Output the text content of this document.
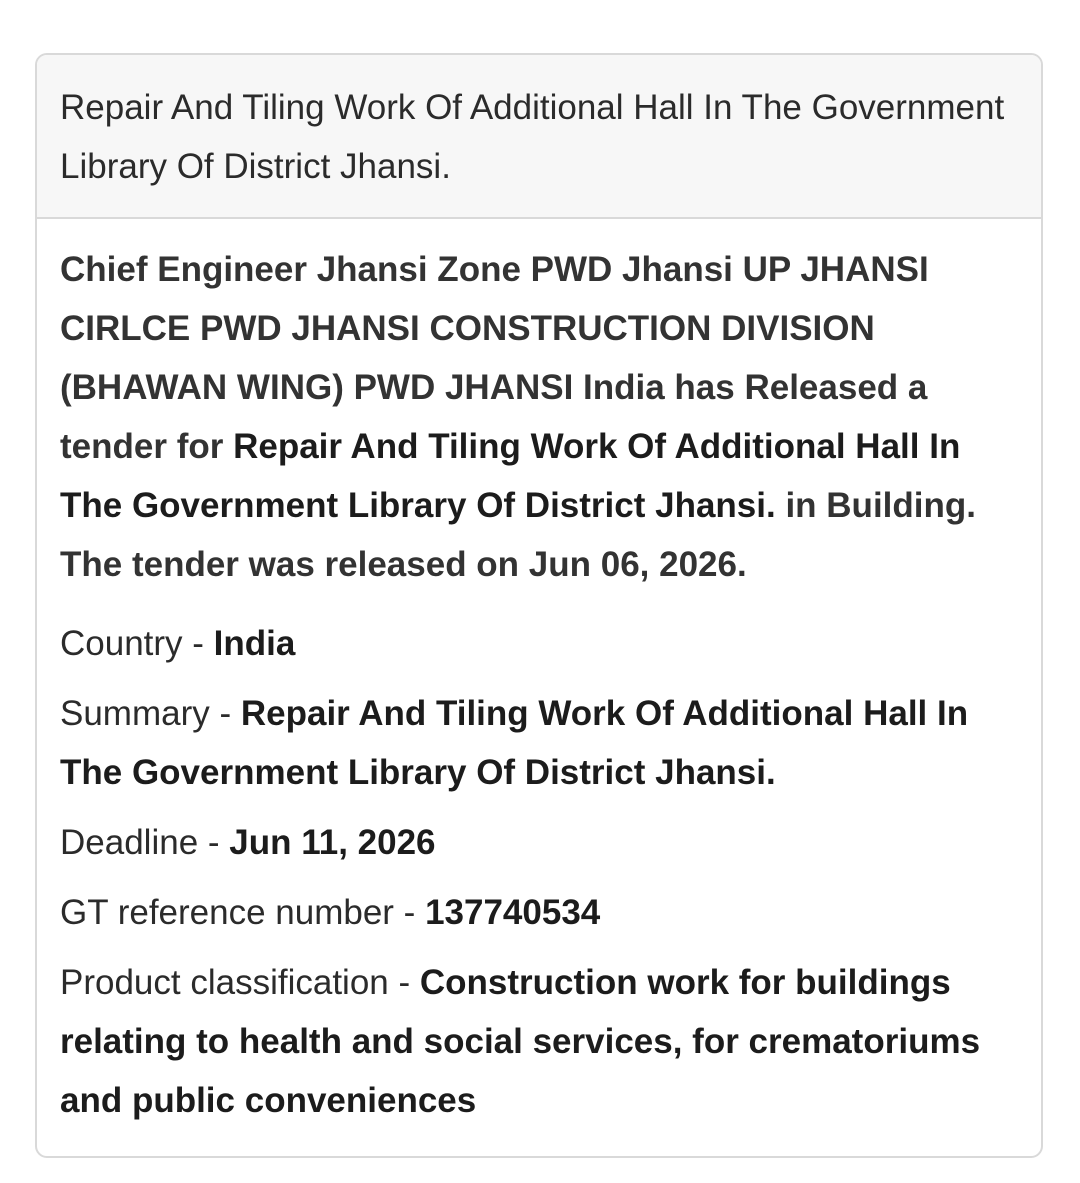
Repair And Tiling Work Of Additional Hall In The Government Library Of District Jhansi.

Chief Engineer Jhansi Zone PWD Jhansi UP JHANSI CIRLCE PWD JHANSI CONSTRUCTION DIVISION (BHAWAN WING) PWD JHANSI India has Released a tender for Repair And Tiling Work Of Additional Hall In The Government Library Of District Jhansi. in Building. The tender was released on Jun 06, 2026.

Country - India

Summary - Repair And Tiling Work Of Additional Hall In The Government Library Of District Jhansi.

Deadline - Jun 11, 2026

GT reference number - 137740534

Product classification - Construction work for buildings relating to health and social services, for crematoriums and public conveniences
